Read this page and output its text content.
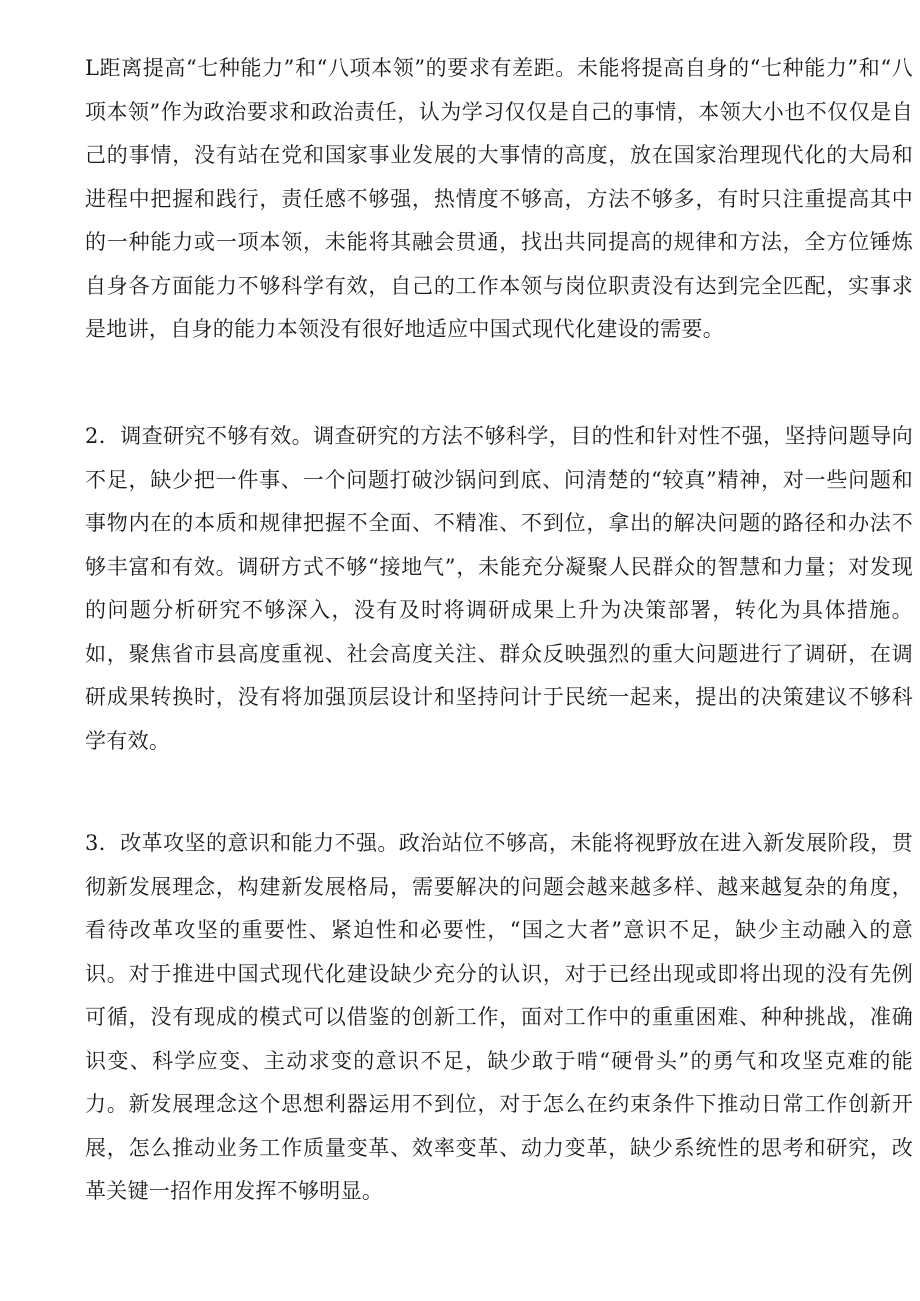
L距离提高“七种能力”和“八项本领”的要求有差距。未能将提高自身的“七种能力”和“八项本领”作为政治要求和政治责任，认为学习仅仅是自己的事情，本领大小也不仅仅是自己的事情，没有站在党和国家事业发展的大事情的高度，放在国家治理现代化的大局和进程中把握和践行，责任感不够强，热情度不够高，方法不够多，有时只注重提高其中的一种能力或一项本领，未能将其融会贯通，找出共同提高的规律和方法，全方位锤炼自身各方面能力不够科学有效，自己的工作本领与岗位职责没有达到完全匹配，实事求是地讲，自身的能力本领没有很好地适应中国式现代化建设的需要。

2．调查研究不够有效。调查研究的方法不够科学，目的性和针对性不强，坚持问题导向不足，缺少把一件事、一个问题打破沙锅问到底、问清楚的“较真”精神，对一些问题和事物内在的本质和规律把握不全面、不精准、不到位，拿出的解决问题的路径和办法不够丰富和有效。调研方式不够“接地气”，未能充分凝聚人民群众的智慧和力量；对发现的问题分析研究不够深入，没有及时将调研成果上升为决策部署，转化为具体措施。如，聚焦省市县高度重视、社会高度关注、群众反映强烈的重大问题进行了调研，在调研成果转换时，没有将加强顶层设计和坚持问计于民统一起来，提出的决策建议不够科学有效。

3．改革攻坚的意识和能力不强。政治站位不够高，未能将视野放在进入新发展阶段，贯彻新发展理念，构建新发展格局，需要解决的问题会越来越多样、越来越复杂的角度，看待改革攻坚的重要性、紧迫性和必要性，“国之大者”意识不足，缺少主动融入的意识。对于推进中国式现代化建设缺少充分的认识，对于已经出现或即将出现的没有先例可循，没有现成的模式可以借鉴的创新工作，面对工作中的重重困难、种种挑战，准确识变、科学应变、主动求变的意识不足，缺少敢于啃“硬骨头”的勇气和攻坚克难的能力。新发展理念这个思想利器运用不到位，对于怎么在约束条件下推动日常工作创新开展，怎么推动业务工作质量变革、效率变革、动力变革，缺少系统性的思考和研究，改革关键一招作用发挥不够明显。
